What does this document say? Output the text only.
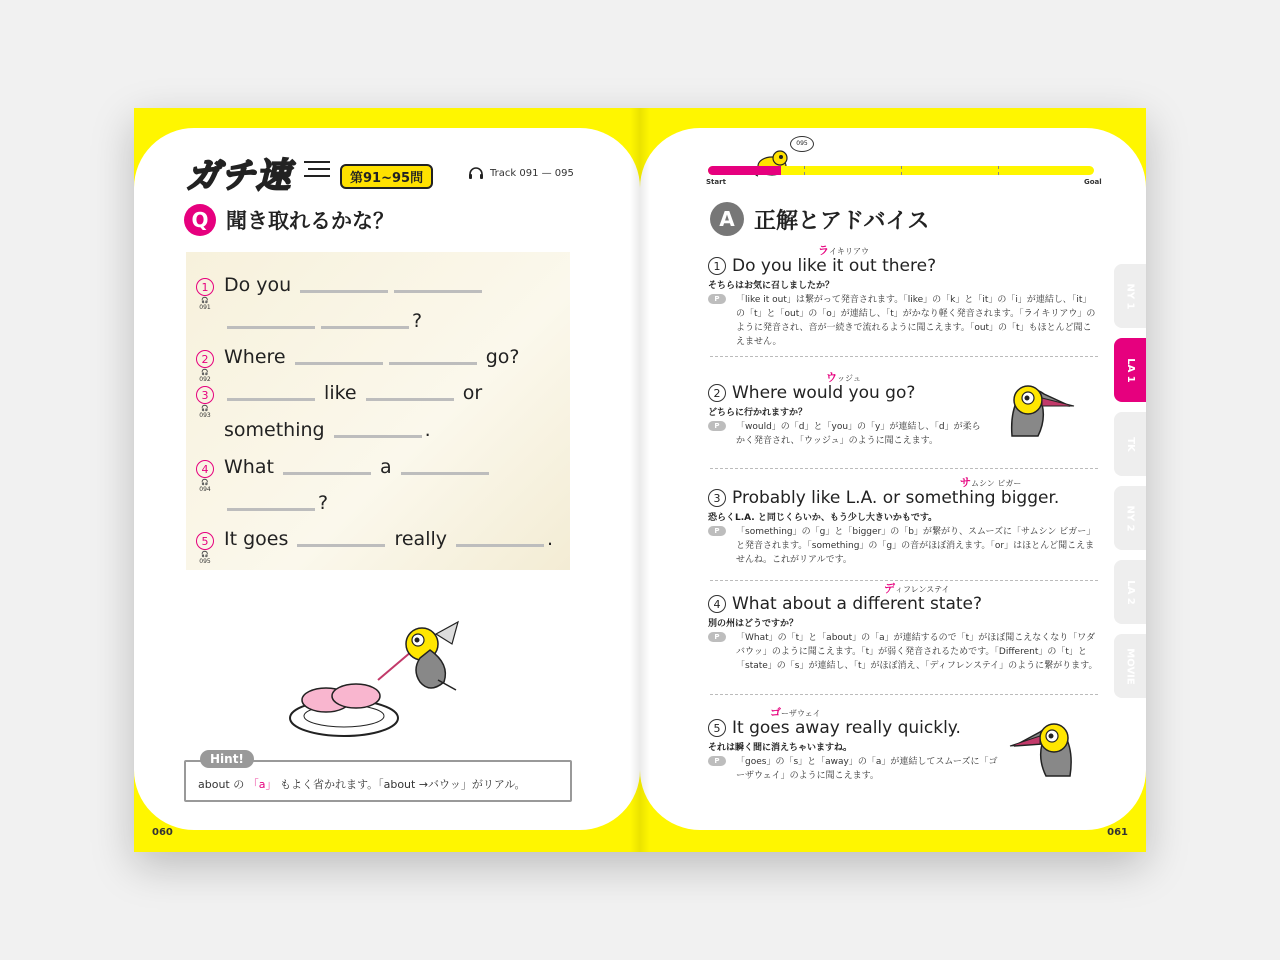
ガチ速	第91~95問	Track 091 — 095
Q 聞き取れるかな？
1
🎧091
Do you
?
2
🎧092
Where	go?
3
🎧093
like	or
something	.
4
🎧094
What	a
?
5
🎧095
It goes	really	.
Hint!
about の 「a」 もよく省かれます。「about →バウッ」がリアル。
060
095
Start	Goal
A 正解とアドバイス
1 Do you like it out there?
ライキリアウ
そちらはお気に召しましたか？
P	「like it out」は繋がって発音されます。「like」の「k」と「it」の「i」が連結し､「it」の「t」と「out」の「o」が連結し、「t」がかなり軽く発音されます。「ライキリアウ」のように発音され、音が一続きで流れるように聞こえます。「out」の「t」もほとんど聞こえません。
2 Where would you go?
ウッジュ
どちらに行かれますか？
P	「would」の「d」と「you」の「y」が連結し、「d」が柔らかく発音され、「ウッジュ」のように聞こえます。
3 Probably like L.A. or something bigger.
サムシン ビガー
恐らくL.A. と同じくらいか、もう少し大きいかもです。
P	「something」の「g」と「bigger」の「b」が繋がり、スムーズに「サムシン ビガー」と発音されます。「something」の「g」の音がほぼ消えます。「or」はほとんど聞こえませんね。これがリアルです。
4 What about a different state?
ディフレンステイ
別の州はどうですか？
P	「What」の「t」と「about」の「a」が連結するので「t」がほぼ聞こえなくなり「ワダバウッ」のように聞こえます。「t」が弱く発音されるためです。「Different」の「t」と「state」の「s」が連結し、「t」がほぼ消え、「ディフレンステイ」のように繋がります。
5 It goes away really quickly.
ゴーザウェイ
それは瞬く間に消えちゃいますね。
P	「goes」の「s」と「away」の「a」が連結してスムーズに「ゴーザウェイ」のように聞こえます。
NY 1
LA 1
TK
NY 2
LA 2
MOVIE
061
